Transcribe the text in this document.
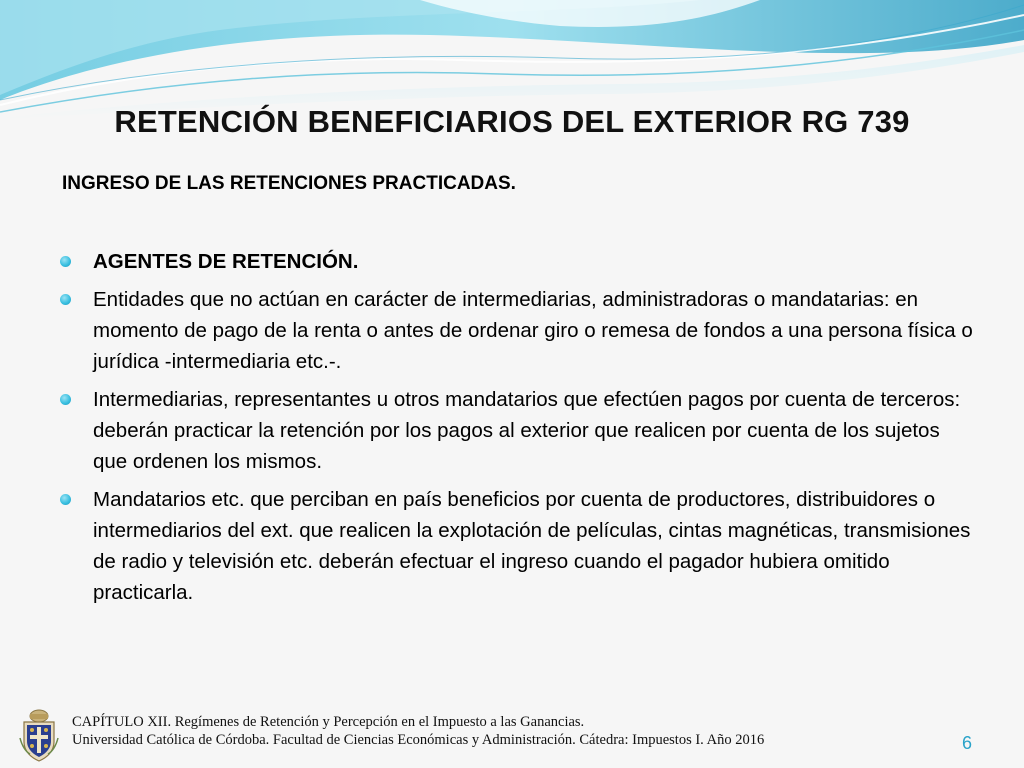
RETENCIÓN BENEFICIARIOS DEL EXTERIOR RG 739
INGRESO DE LAS RETENCIONES PRACTICADAS.
AGENTES DE RETENCIÓN.
Entidades que no actúan en carácter de intermediarias, administradoras o mandatarias: en momento de pago de la renta o antes de ordenar giro o remesa de fondos a una persona física o jurídica -intermediaria etc.-.
Intermediarias, representantes u otros mandatarios que efectúen pagos por cuenta de terceros: deberán practicar la retención por los pagos al exterior que realicen por cuenta de los sujetos que ordenen los mismos.
Mandatarios etc. que perciban en país beneficios por cuenta de productores, distribuidores o intermediarios del ext. que realicen la explotación de películas, cintas magnéticas, transmisiones de radio y televisión etc. deberán efectuar el ingreso cuando el pagador hubiera omitido practicarla.
CAPÍTULO XII. Regímenes de Retención y Percepción en el Impuesto a las Ganancias.
Universidad Católica de Córdoba. Facultad de Ciencias Económicas y Administración. Cátedra: Impuestos I. Año 2016	6
